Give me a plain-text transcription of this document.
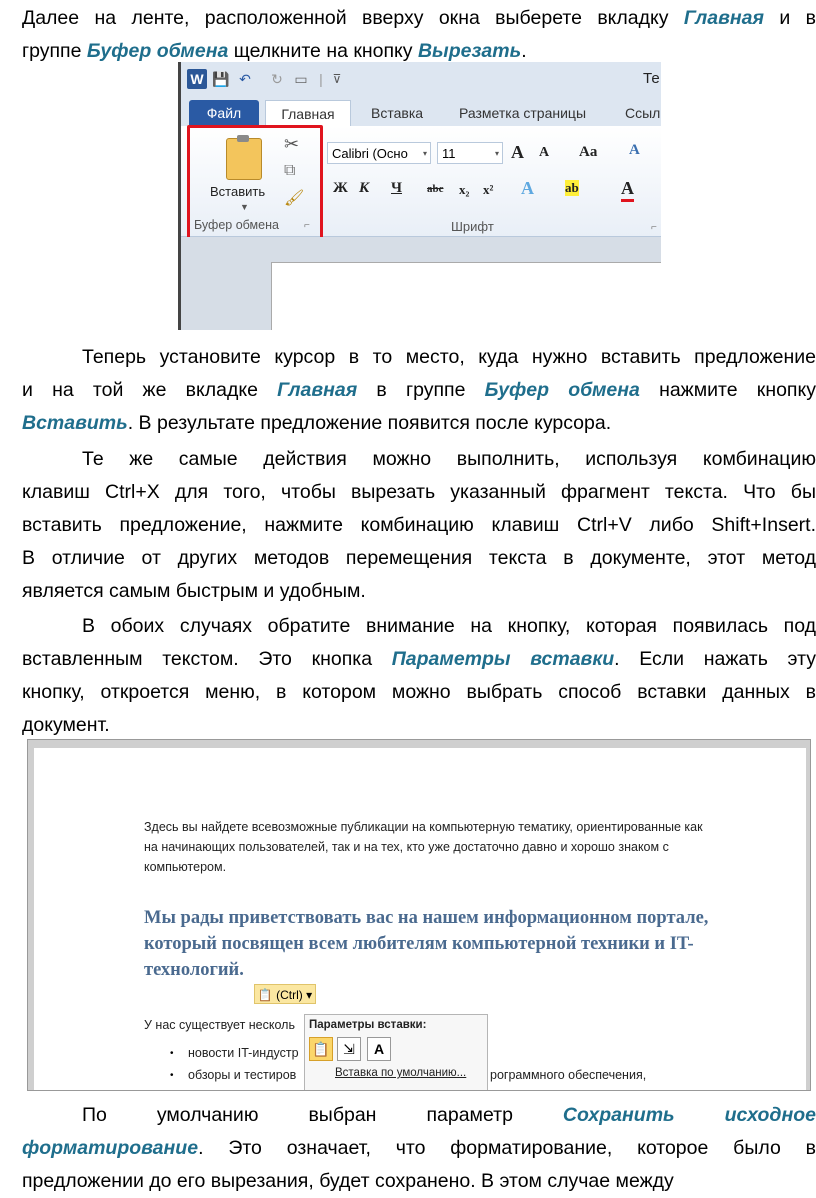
Далее на ленте, расположенной вверху окна выберете вкладку Главная и в
группе Буфер обмена щелкните на кнопку Вырезать.
W 💾 ↶ ↻ ▭ | ⊽	Те
Файл	Главная	Вставка	Разметка страницы	Ссыл
Вставить
▼
✂
⧉
🖌
Буфер обмена	⌐
Calibri (Осно ▾	11	▾ A A Aa A
Ж К Ч abc x₂ x² A ab A
Шрифт	⌐
Теперь установите курсор в то место, куда нужно вставить предложение
и на той же вкладке Главная в группе Буфер обмена нажмите кнопку
Вставить. В результате предложение появится после курсора.
Те же самые действия можно выполнить, используя комбинацию
клавиш Ctrl+X для того, чтобы вырезать указанный фрагмент текста. Что бы
вставить предложение, нажмите комбинацию клавиш Ctrl+V либо Shift+Insert.
В отличие от других методов перемещения текста в документе, этот метод
является самым быстрым и удобным.
В обоих случаях обратите внимание на кнопку, которая появилась под
вставленным текстом. Это кнопка Параметры вставки. Если нажать эту
кнопку, откроется меню, в котором можно выбрать способ вставки данных в
документ.
Здесь вы найдете всевозможные публикации на компьютерную тематику, ориентированные как
на начинающих пользователей, так и на тех, кто уже достаточно давно и хорошо знаком с
компьютером.
Мы рады приветствовать вас на нашем информационном портале,
который посвящен всем любителям компьютерной техники и IT-
технологий.
📋 (Ctrl) ▾
У нас существует несколь
• новости IT-индустр
• обзоры и тестиров	рограммного обеспечения,
Параметры вставки:
📋 ⇲	A
Вставка по умолчанию...
По умолчанию выбран параметр Сохранить исходное
форматирование. Это означает, что форматирование, которое было в
предложении до его вырезания, будет сохранено. В этом случае между
